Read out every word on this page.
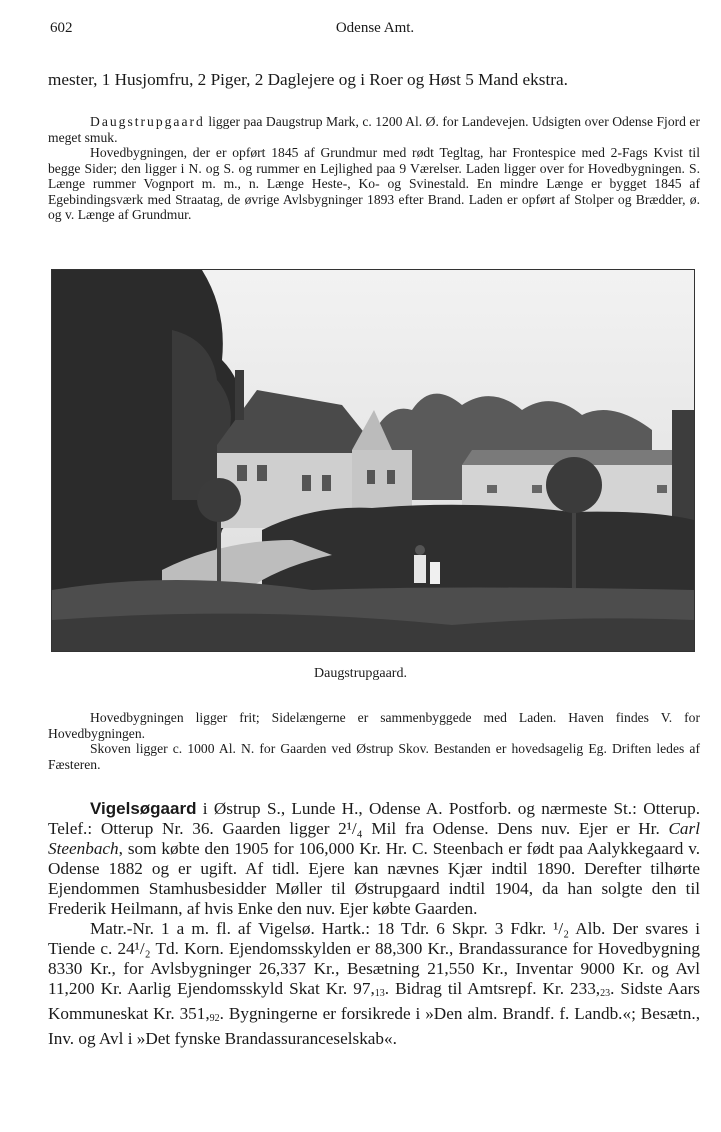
602	Odense Amt.
mester, 1 Husjomfru, 2 Piger, 2 Daglejere og i Roer og Høst 5 Mand ekstra.

Daugstrupgaard ligger paa Daugstrup Mark, c. 1200 Al. Ø. for Landevejen. Udsigten over Odense Fjord er meget smuk.

Hovedbygningen, der er opført 1845 af Grundmur med rødt Tegltag, har Frontespice med 2-Fags Kvist til begge Sider; den ligger i N. og S. og rummer en Lejlighed paa 9 Værelser. Laden ligger over for Hovedbygningen. S. Længe rummer Vognport m. m., n. Længe Heste-, Ko- og Svinestald. En mindre Længe er bygget 1845 af Egebindingsværk med Straatag, de øvrige Avlsbygninger 1893 efter Brand. Laden er opført af Stolper og Brædder, ø. og v. Længe af Grundmur.

Daugstrupgaard.

Hovedbygningen ligger frit; Sidelængerne er sammenbyggede med Laden. Haven findes V. for Hovedbygningen.

Skoven ligger c. 1000 Al. N. for Gaarden ved Østrup Skov. Bestanden er hovedsagelig Eg. Driften ledes af Fæsteren.

Vigelsøgaard i Østrup S., Lunde H., Odense A. Postforb. og nærmeste St.: Otterup. Telef.: Otterup Nr. 36. Gaarden ligger 2¹/₄ Mil fra Odense. Dens nuv. Ejer er Hr. Carl Steenbach, som købte den 1905 for 106,000 Kr. Hr. C. Steenbach er født paa Aalykkegaard v. Odense 1882 og er ugift. Af tidl. Ejere kan nævnes Kjær indtil 1890. Derefter tilhørte Ejendommen Stamhusbesidder Møller til Østrupgaard indtil 1904, da han solgte den til Frederik Heilmann, af hvis Enke den nuv. Ejer købte Gaarden.

Matr.-Nr. 1 a m. fl. af Vigelsø. Hartk.: 18 Tdr. 6 Skpr. 3 Fdkr. ¹/₂ Alb. Der svares i Tiende c. 24¹/₂ Td. Korn. Ejendomsskylden er 88,300 Kr., Brandassurance for Hovedbygning 8330 Kr., for Avlsbygninger 26,337 Kr., Besætning 21,550 Kr., Inventar 9000 Kr. og Avl 11,200 Kr. Aarlig Ejendomsskyld Skat Kr. $97,_{13}$. Bidrag til Amtsrepf. Kr. $233,_{23}$. Sidste Aars Kommuneskat Kr. $351,_{92}$. Bygningerne er forsikrede i »Den alm. Brandf. f. Landb.«; Besætn., Inv. og Avl i »Det fynske Brandassuranceselskab«.
